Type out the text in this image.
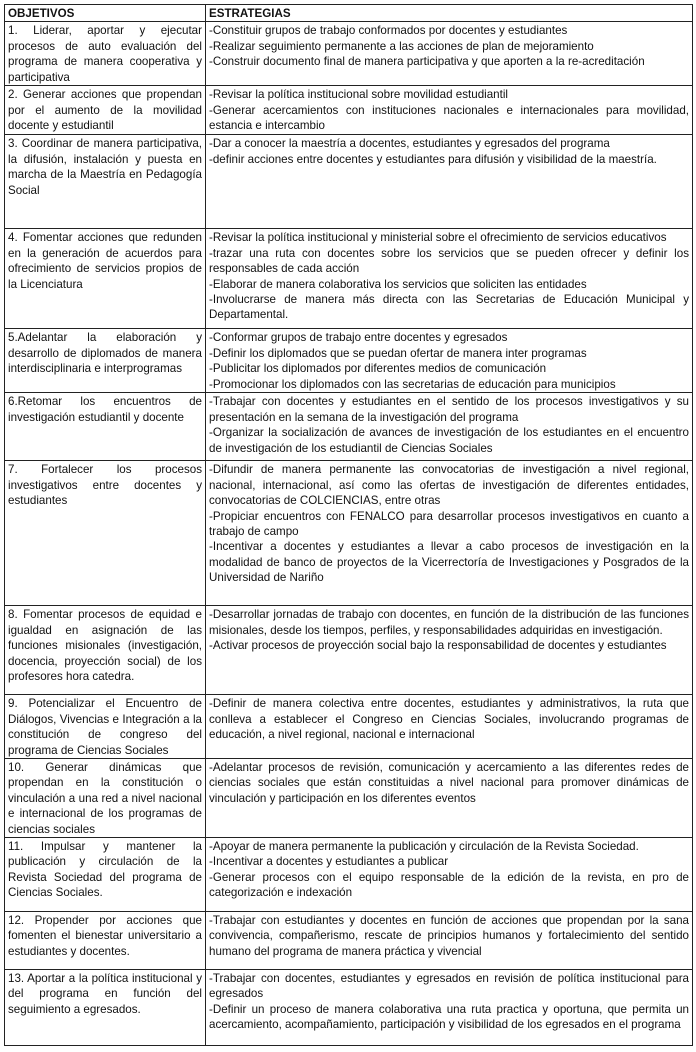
OBJETIVOS	ESTRATEGIAS
1. Liderar, aportar y ejecutar procesos de auto evaluación del programa de manera cooperativa y participativa	-Constituir grupos de trabajo conformados por docentes y estudiantes
-Realizar seguimiento permanente a las acciones de plan de mejoramiento
-Construir documento final de manera participativa y que aporten a la re-acreditación

2. Generar acciones que propendan por el aumento de la movilidad docente y estudiantil	-Revisar la política institucional sobre movilidad estudiantil
-Generar acercamientos con instituciones nacionales e internacionales para movilidad, estancia e intercambio

3. Coordinar de manera participativa, la difusión, instalación y puesta en marcha de la Maestría en Pedagogía Social	-Dar a conocer la maestría a docentes, estudiantes y egresados del programa
-definir acciones entre docentes y estudiantes para difusión y visibilidad de la maestría.

4. Fomentar acciones que redunden en la generación de acuerdos para ofrecimiento de servicios propios de la Licenciatura	-Revisar la política institucional y ministerial sobre el ofrecimiento de servicios educativos
-trazar una ruta con docentes sobre los servicios que se pueden ofrecer y definir los responsables de cada acción
-Elaborar de manera colaborativa los servicios que soliciten las entidades
-Involucrarse de manera más directa con las Secretarias de Educación Municipal y Departamental.

5.Adelantar la elaboración y desarrollo de diplomados de manera interdisciplinaria e interprogramas	-Conformar grupos de trabajo entre docentes y egresados
-Definir los diplomados que se puedan ofertar de manera inter programas
-Publicitar los diplomados por diferentes medios de comunicación
-Promocionar los diplomados con las secretarias de educación para municipios

6.Retomar los encuentros de investigación estudiantil y docente	-Trabajar con docentes y estudiantes en el sentido de los procesos investigativos y su presentación en la semana de la investigación del programa
-Organizar la socialización de avances de investigación de los estudiantes en el encuentro de investigación de los estudiantil de Ciencias Sociales

7. Fortalecer los procesos investigativos entre docentes y estudiantes	-Difundir de manera permanente las convocatorias de investigación a nivel regional, nacional, internacional, así como las ofertas de investigación de diferentes entidades, convocatorias de COLCIENCIAS, entre otras
-Propiciar encuentros con FENALCO para desarrollar procesos investigativos en cuanto a trabajo de campo
-Incentivar a docentes y estudiantes a llevar a cabo procesos de investigación en la modalidad de banco de proyectos de la Vicerrectoría de Investigaciones y Posgrados de la Universidad de Nariño

8. Fomentar procesos de equidad e igualdad en asignación de las funciones misionales (investigación, docencia, proyección social) de los profesores hora catedra.	-Desarrollar jornadas de trabajo con docentes, en función de la distribución de las funciones misionales, desde los tiempos, perfiles, y responsabilidades adquiridas en investigación.
-Activar procesos de proyección social bajo la responsabilidad de docentes y estudiantes

9. Potencializar el Encuentro de Diálogos, Vivencias e Integración a la constitución de congreso del programa de Ciencias Sociales	-Definir de manera colectiva entre docentes, estudiantes y administrativos, la ruta que conlleva a establecer el Congreso en Ciencias Sociales, involucrando programas de educación, a nivel regional, nacional e internacional

10. Generar dinámicas que propendan en la constitución o vinculación a una red a nivel nacional e internacional de los programas de ciencias sociales	-Adelantar procesos de revisión, comunicación y acercamiento a las diferentes redes de ciencias sociales que están constituidas a nivel nacional para promover dinámicas de vinculación y participación en los diferentes eventos

11. Impulsar y mantener la publicación y circulación de la Revista Sociedad del programa de Ciencias Sociales.	-Apoyar de manera permanente la publicación y circulación de la Revista Sociedad.
-Incentivar a docentes y estudiantes a publicar
-Generar procesos con el equipo responsable de la edición de la revista, en pro de categorización e indexación

12. Propender por acciones que fomenten el bienestar universitario a estudiantes y docentes.	-Trabajar con estudiantes y docentes en función de acciones que propendan por la sana convivencia, compañerismo, rescate de principios humanos y fortalecimiento del sentido humano del programa de manera práctica y vivencial

13. Aportar a la política institucional y del programa en función del seguimiento a egresados.	-Trabajar con docentes, estudiantes y egresados en revisión de política institucional para egresados
-Definir un proceso de manera colaborativa una ruta practica y oportuna, que permita un acercamiento, acompañamiento, participación y visibilidad de los egresados en el programa
